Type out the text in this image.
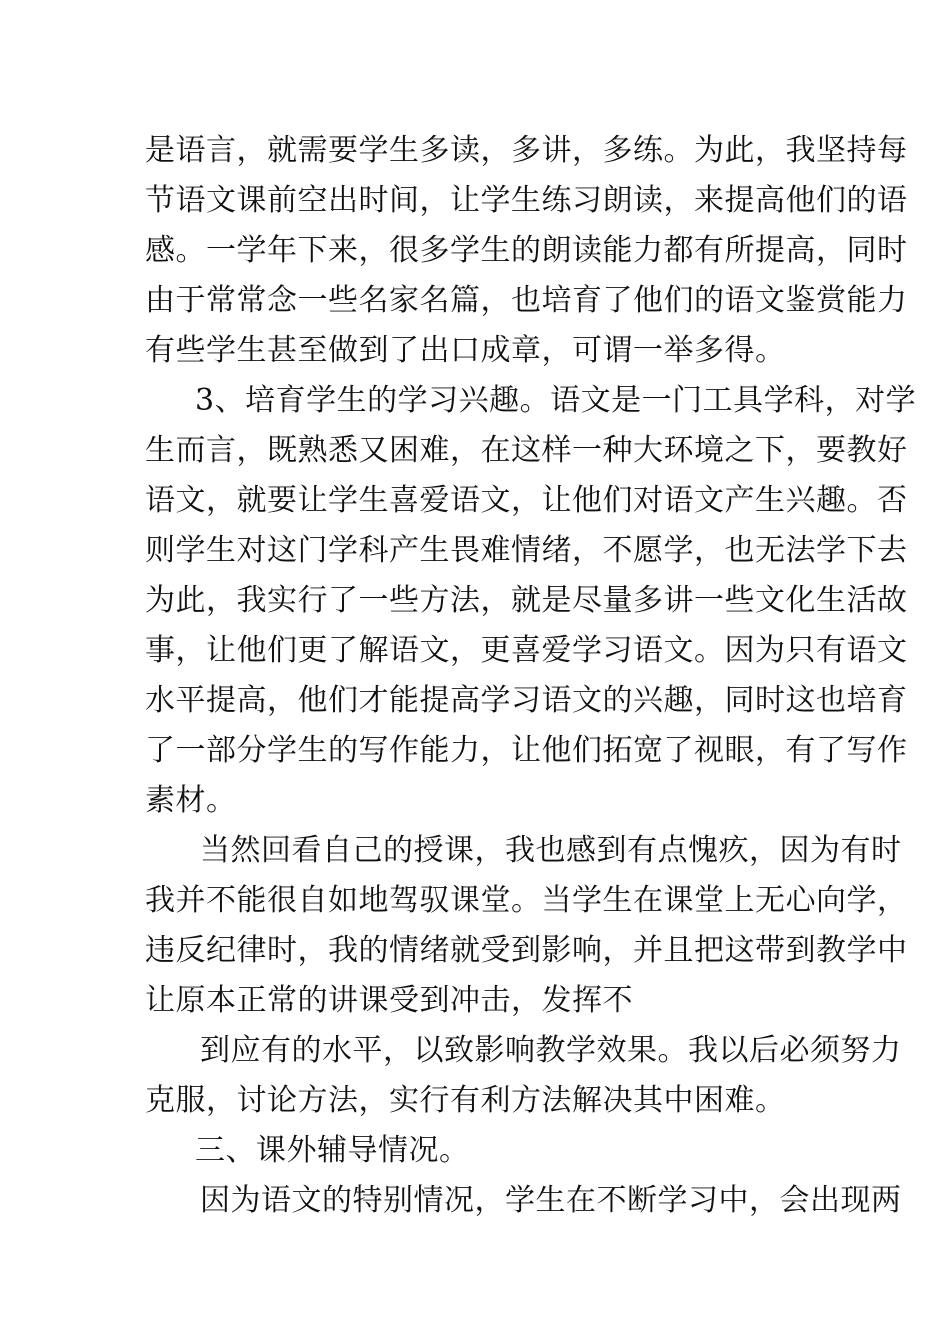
是语言，就需要学生多读，多讲，多练。为此，我坚持每
节语文课前空出时间，让学生练习朗读，来提高他们的语
感。一学年下来，很多学生的朗读能力都有所提高，同时
由于常常念一些名家名篇，也培育了他们的语文鉴赏能力
有些学生甚至做到了出口成章，可谓一举多得。
3、培育学生的学习兴趣。语文是一门工具学科，对学
生而言，既熟悉又困难，在这样一种大环境之下，要教好
语文，就要让学生喜爱语文，让他们对语文产生兴趣。否
则学生对这门学科产生畏难情绪，不愿学，也无法学下去
为此，我实行了一些方法，就是尽量多讲一些文化生活故
事，让他们更了解语文，更喜爱学习语文。因为只有语文
水平提高，他们才能提高学习语文的兴趣，同时这也培育
了一部分学生的写作能力，让他们拓宽了视眼，有了写作
素材。
当然回看自己的授课，我也感到有点愧疚，因为有时
我并不能很自如地驾驭课堂。当学生在课堂上无心向学，
违反纪律时，我的情绪就受到影响，并且把这带到教学中
让原本正常的讲课受到冲击，发挥不
到应有的水平，以致影响教学效果。我以后必须努力
克服，讨论方法，实行有利方法解决其中困难。
三、课外辅导情况。
因为语文的特别情况，学生在不断学习中，会出现两
